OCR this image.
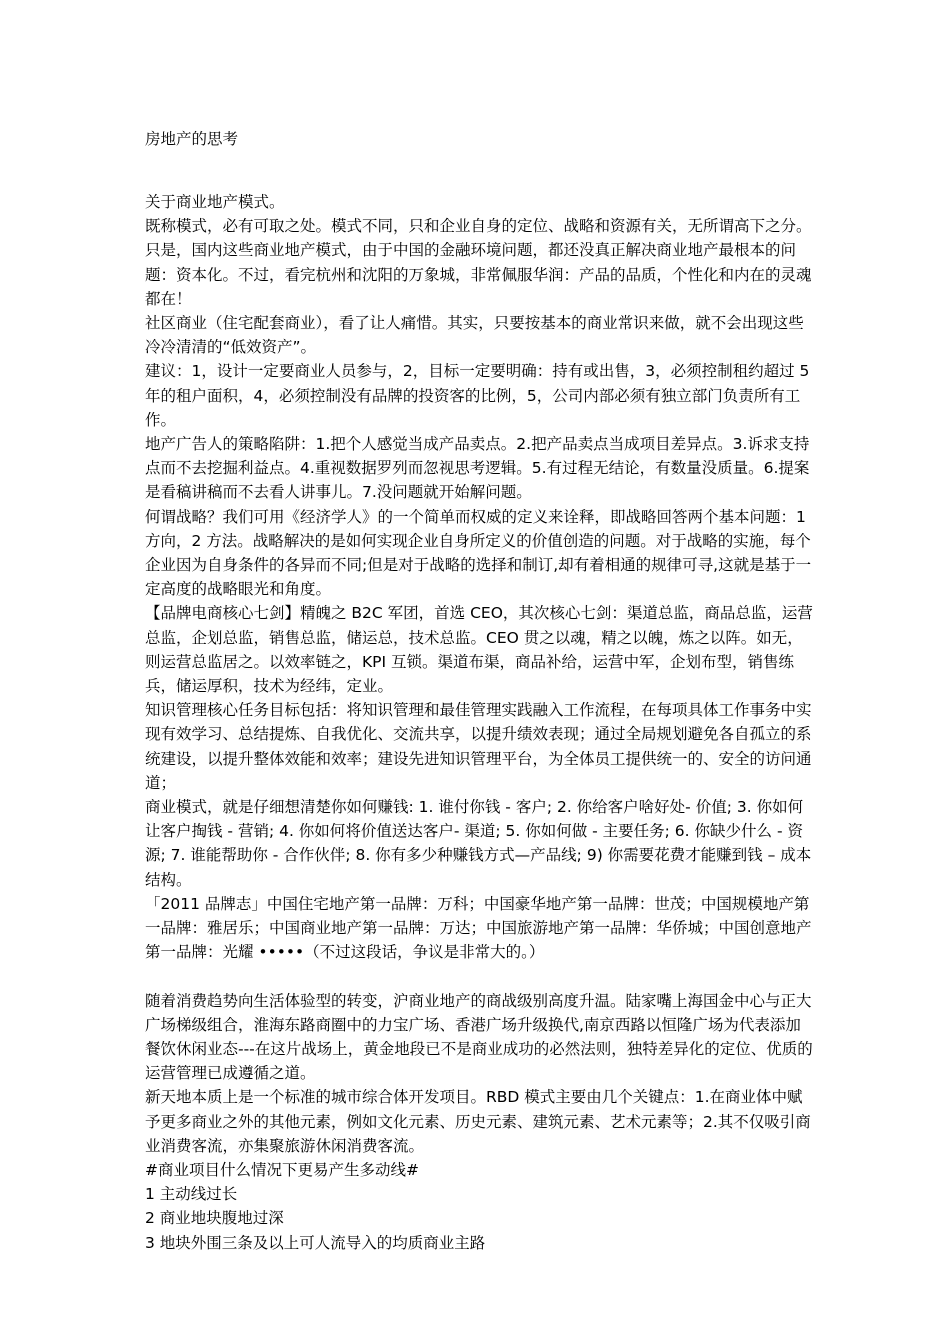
房地产的思考

关于商业地产模式。

既称模式，必有可取之处。模式不同，只和企业自身的定位、战略和资源有关，无所谓高下之分。只是，国内这些商业地产模式，由于中国的金融环境问题，都还没真正解决商业地产最根本的问题：资本化。不过，看完杭州和沈阳的万象城，非常佩服华润：产品的品质，个性化和内在的灵魂都在！

社区商业（住宅配套商业），看了让人痛惜。其实，只要按基本的商业常识来做，就不会出现这些冷冷清清的“低效资产”。

建议：1，设计一定要商业人员参与，2，目标一定要明确：持有或出售，3，必须控制租约超过 5 年的租户面积，4，必须控制没有品牌的投资客的比例，5，公司内部必须有独立部门负责所有工作。

地产广告人的策略陷阱：1.把个人感觉当成产品卖点。2.把产品卖点当成项目差异点。3.诉求支持点而不去挖掘利益点。4.重视数据罗列而忽视思考逻辑。5.有过程无结论，有数量没质量。6.提案是看稿讲稿而不去看人讲事儿。7.没问题就开始解问题。

何谓战略？我们可用《经济学人》的一个简单而权威的定义来诠释，即战略回答两个基本问题：1 方向，2 方法。战略解决的是如何实现企业自身所定义的价值创造的问题。对于战略的实施，每个企业因为自身条件的各异而不同;但是对于战略的选择和制订,却有着相通的规律可寻,这就是基于一定高度的战略眼光和角度。

【品牌电商核心七剑】精魄之 B2C 军团，首选 CEO，其次核心七剑：渠道总监，商品总监，运营总监，企划总监，销售总监，储运总，技术总监。CEO 贯之以魂，精之以魄，炼之以阵。如无，则运营总监居之。以效率链之，KPI 互锁。渠道布渠，商品补给，运营中军，企划布型，销售练兵，储运厚积，技术为经纬，定业。

知识管理核心任务目标包括：将知识管理和最佳管理实践融入工作流程，在每项具体工作事务中实现有效学习、总结提炼、自我优化、交流共享，以提升绩效表现；通过全局规划避免各自孤立的系统建设，以提升整体效能和效率；建设先进知识管理平台，为全体员工提供统一的、安全的访问通道；

商业模式，就是仔细想清楚你如何赚钱: 1. 谁付你钱 - 客户; 2. 你给客户啥好处- 价值; 3. 你如何让客户掏钱 - 营销; 4. 你如何将价值送达客户- 渠道; 5. 你如何做 - 主要任务; 6. 你缺少什么 - 资源; 7. 谁能帮助你 - 合作伙伴; 8. 你有多少种赚钱方式—产品线; 9) 你需要花费才能赚到钱 – 成本结构。

「2011 品牌志」中国住宅地产第一品牌：万科；中国豪华地产第一品牌：世茂；中国规模地产第一品牌：雅居乐；中国商业地产第一品牌：万达；中国旅游地产第一品牌：华侨城；中国创意地产第一品牌：光耀 •••••（不过这段话，争议是非常大的。）

随着消费趋势向生活体验型的转变，沪商业地产的商战级别高度升温。陆家嘴上海国金中心与正大广场梯级组合，淮海东路商圈中的力宝广场、香港广场升级换代,南京西路以恒隆广场为代表添加餐饮休闲业态---在这片战场上，黄金地段已不是商业成功的必然法则，独特差异化的定位、优质的运营管理已成遵循之道。

新天地本质上是一个标准的城市综合体开发项目。RBD 模式主要由几个关键点：1.在商业体中赋予更多商业之外的其他元素，例如文化元素、历史元素、建筑元素、艺术元素等；2.其不仅吸引商业消费客流，亦集聚旅游休闲消费客流。

#商业项目什么情况下更易产生多动线#

1 主动线过长

2 商业地块腹地过深

3 地块外围三条及以上可人流导入的均质商业主路
